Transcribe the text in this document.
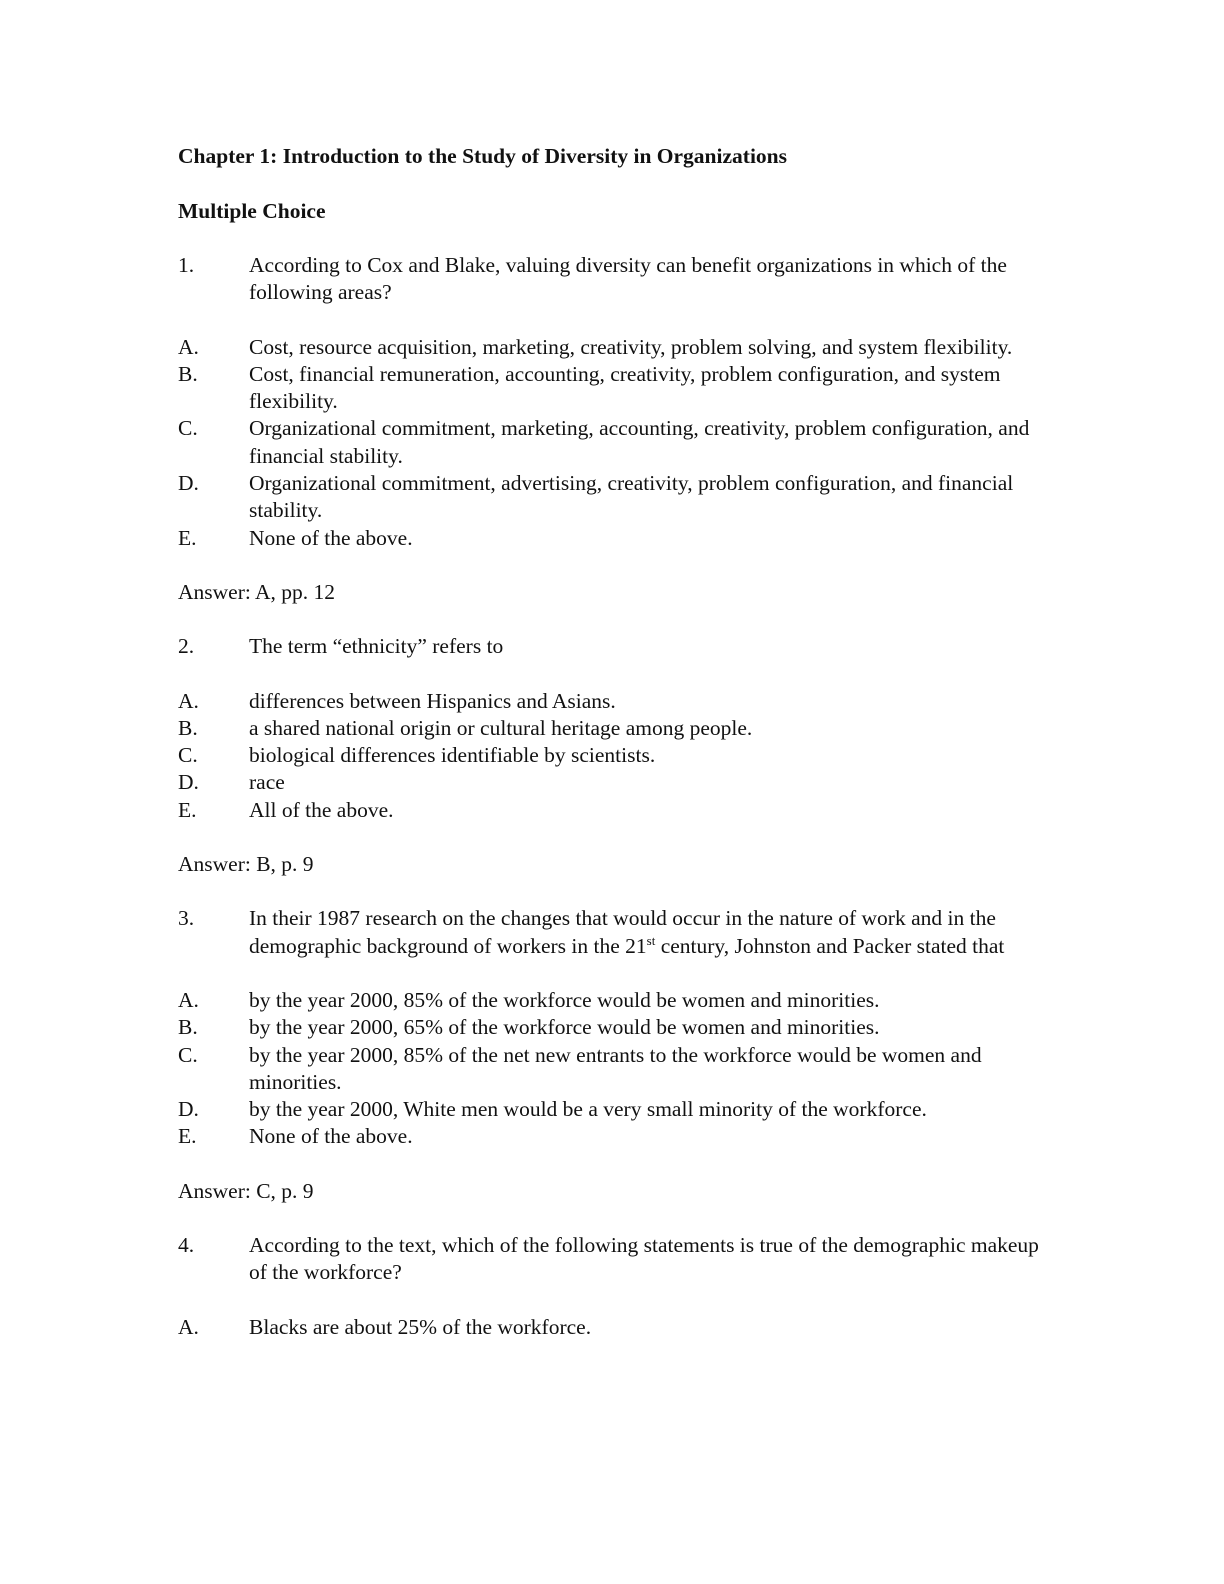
Chapter 1: Introduction to the Study of Diversity in Organizations

Multiple Choice

1.	According to Cox and Blake, valuing diversity can benefit organizations in which of the following areas?
A.	Cost, resource acquisition, marketing, creativity, problem solving, and system flexibility.
B.	Cost, financial remuneration, accounting, creativity, problem configuration, and system flexibility.
C.	Organizational commitment, marketing, accounting, creativity, problem configuration, and financial stability.
D.	Organizational commitment, advertising, creativity, problem configuration, and financial stability.
E.	None of the above.
Answer: A, pp. 12
2.	The term “ethnicity” refers to
A.	differences between Hispanics and Asians.
B.	a shared national origin or cultural heritage among people.
C.	biological differences identifiable by scientists.
D.	race
E.	All of the above.
Answer: B, p. 9
3.	In their 1987 research on the changes that would occur in the nature of work and in the demographic background of workers in the 21st century, Johnston and Packer stated that
A.	by the year 2000, 85% of the workforce would be women and minorities.
B.	by the year 2000, 65% of the workforce would be women and minorities.
C.	by the year 2000, 85% of the net new entrants to the workforce would be women and minorities.
D.	by the year 2000, White men would be a very small minority of the workforce.
E.	None of the above.
Answer: C, p. 9
4.	According to the text, which of the following statements is true of the demographic makeup of the workforce?
A.	Blacks are about 25% of the workforce.
